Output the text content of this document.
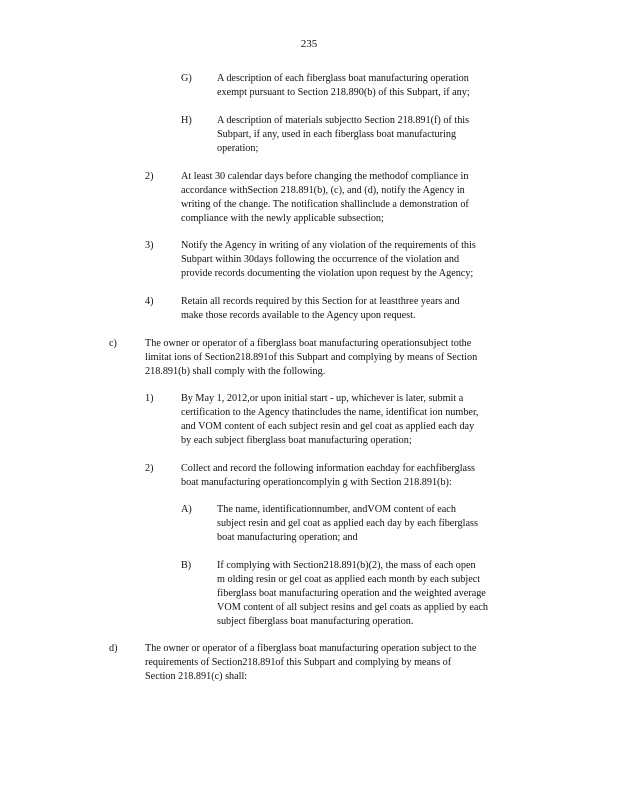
235
G) A description of each fiberglass boat manufacturing operation
exempt pursuant to Section 218.890(b) of this Subpart, if any;
H) A description of materials subjectto Section 218.891(f) of this
Subpart, if any, used in each fiberglass boat manufacturing
operation;
2)	At least 30 calendar days before changing the methodof compliance in
accordance withSection 218.891(b), (c), and (d), notify the Agency in
writing of the change. The notification shallinclude a demonstration of
compliance with the newly applicable subsection;
3)	Notify the Agency in writing of any violation of the requirements of this
Subpart within 30days following the occurrence of the violation and
provide records documenting the violation upon request by the Agency;
4)	Retain all records required by this Section for at leastthree years and
make those records available to the Agency upon request.
c)	The owner or operator of a fiberglass boat manufacturing operationsubject tothe
limitat ions of Section218.891of this Subpart and complying by means of Section
218.891(b) shall comply with the following.
1)	By May 1, 2012,or upon initial start - up, whichever is later, submit a
certification to the Agency thatincludes the name, identificat ion number,
and VOM content of each subject resin and gel coat as applied each day
by each subject fiberglass boat manufacturing operation;
2)	Collect and record the following information eachday for eachfiberglass
boat manufacturing operationcomplyin g with Section 218.891(b):
A) The name, identificationnumber, andVOM content of each
subject resin and gel coat as applied each day by each fiberglass
boat manufacturing operation; and
B)	If complying with Section218.891(b)(2), the mass of each open
m olding resin or gel coat as applied each month by each subject
fiberglass boat manufacturing operation and the weighted average
VOM content of all subject resins and gel coats as applied by each
subject fiberglass boat manufacturing operation.
d)	The owner or operator of a fiberglass boat manufacturing operation subject to the
requirements of Section218.891of this Subpart and complying by means of
Section 218.891(c) shall:
